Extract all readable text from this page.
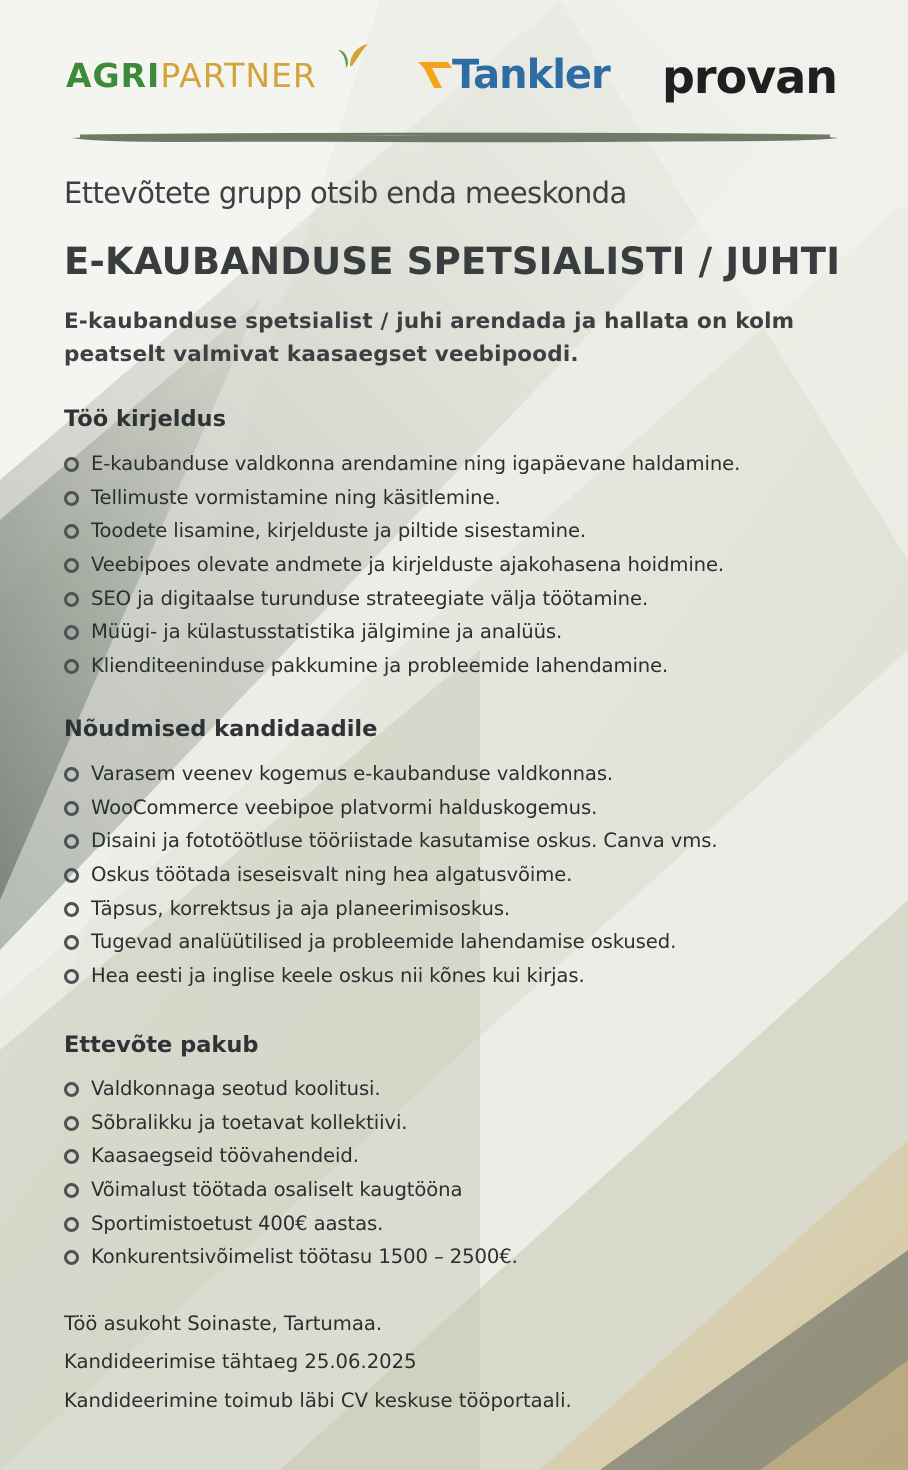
AGRIPARTNER	Tankler provan
Ettevõtete grupp otsib enda meeskonda
E-KAUBANDUSE SPETSIALISTI / JUHTI
E-kaubanduse spetsialist / juhi arendada ja hallata on kolm peatselt valmivat kaasaegset veebipoodi.
Töö kirjeldus
E-kaubanduse valdkonna arendamine ning igapäevane haldamine.
Tellimuste vormistamine ning käsitlemine.
Toodete lisamine, kirjelduste ja piltide sisestamine.
Veebipoes olevate andmete ja kirjelduste ajakohasena hoidmine.
SEO ja digitaalse turunduse strateegiate välja töötamine.
Müügi- ja külastusstatistika jälgimine ja analüüs.
Klienditeeninduse pakkumine ja probleemide lahendamine.
Nõudmised kandidaadile
Varasem veenev kogemus e-kaubanduse valdkonnas.
WooCommerce veebipoe platvormi halduskogemus.
Disaini ja fototöötluse tööriistade kasutamise oskus. Canva vms.
Oskus töötada iseseisvalt ning hea algatusvõime.
Täpsus, korrektsus ja aja planeerimisoskus.
Tugevad analüütilised ja probleemide lahendamise oskused.
Hea eesti ja inglise keele oskus nii kõnes kui kirjas.
Ettevõte pakub
Valdkonnaga seotud koolitusi.
Sõbralikku ja toetavat kollektiivi.
Kaasaegseid töövahendeid.
Võimalust töötada osaliselt kaugtööna
Sportimistoetust 400€ aastas.
Konkurentsivõimelist töötasu 1500 – 2500€.
Töö asukoht Soinaste, Tartumaa.
Kandideerimise tähtaeg 25.06.2025
Kandideerimine toimub läbi CV keskuse tööportaali.
